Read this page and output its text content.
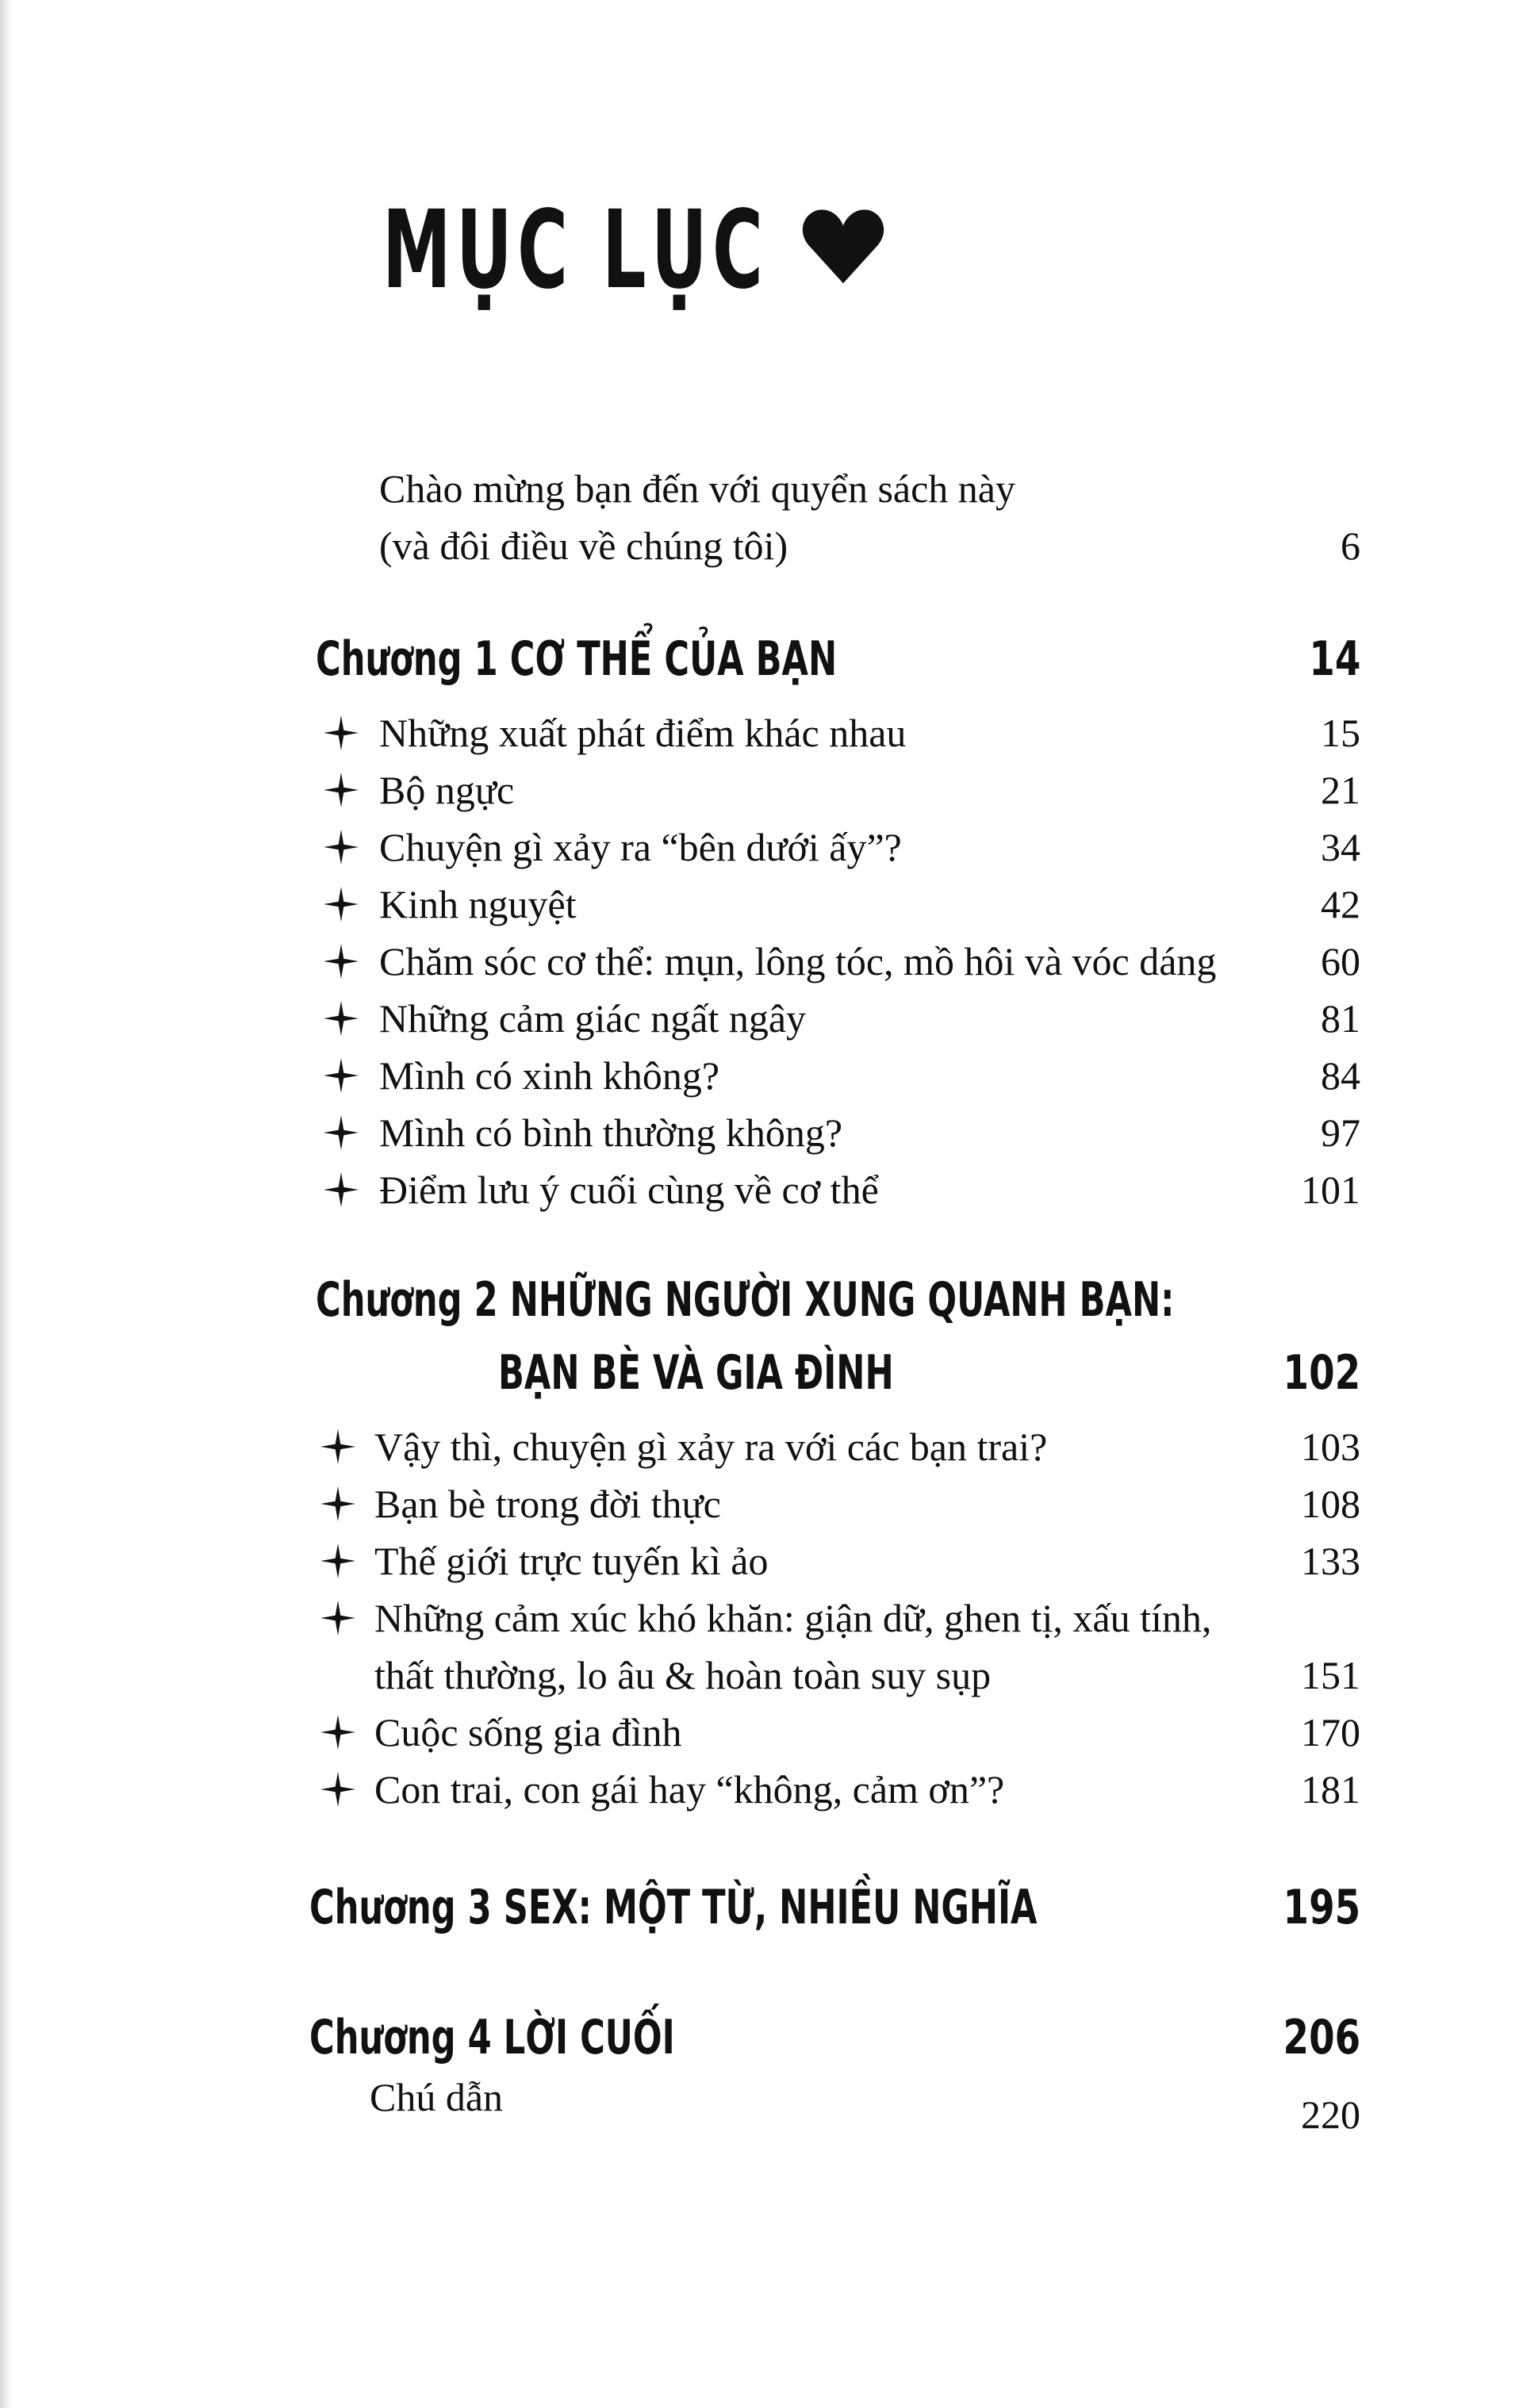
MỤC LỤC
Chào mừng bạn đến với quyển sách này
(và đôi điều về chúng tôi)	6
Chương 1 CƠ THỂ CỦA BẠN	14
Những xuất phát điểm khác nhau	15
Bộ ngực	21
Chuyện gì xảy ra “bên dưới ấy”?	34
Kinh nguyệt	42
Chăm sóc cơ thể: mụn, lông tóc, mồ hôi và vóc dáng	60
Những cảm giác ngất ngây	81
Mình có xinh không?	84
Mình có bình thường không?	97
Điểm lưu ý cuối cùng về cơ thể	101
Chương 2 NHỮNG NGƯỜI XUNG QUANH BẠN:
BẠN BÈ VÀ GIA ĐÌNH	102
Vậy thì, chuyện gì xảy ra với các bạn trai?	103
Bạn bè trong đời thực	108
Thế giới trực tuyến kì ảo	133
Những cảm xúc khó khăn: giận dữ, ghen tị, xấu tính,
thất thường, lo âu & hoàn toàn suy sụp	151
Cuộc sống gia đình	170
Con trai, con gái hay “không, cảm ơn”?	181
Chương 3 SEX: MỘT TỪ, NHIỀU NGHĨA	195
Chương 4 LỜI CUỐI	206
Chú dẫn	220
